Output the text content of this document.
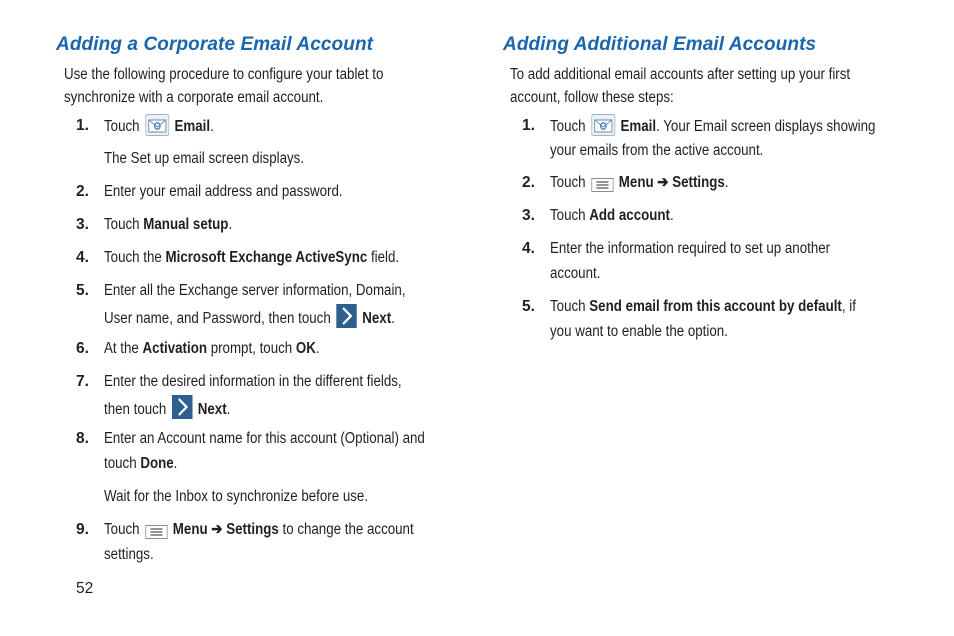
Adding a Corporate Email Account
Use the following procedure to configure your tablet to
synchronize with a corporate email account.
1. Touch Email.
The Set up email screen displays.
2. Enter your email address and password.
3. Touch Manual setup.
4. Touch the Microsoft Exchange ActiveSync field.
5. Enter all the Exchange server information, Domain,
User name, and Password, then touch Next.
6. At the Activation prompt, touch OK.
7. Enter the desired information in the different fields,
then touch Next.
8. Enter an Account name for this account (Optional) and
touch Done.
Wait for the Inbox to synchronize before use.
9. Touch Menu ➔ Settings to change the account
settings.
Adding Additional Email Accounts
To add additional email accounts after setting up your first
account, follow these steps:
1. Touch Email. Your Email screen displays showing
your emails from the active account.
2. Touch Menu ➔ Settings.
3. Touch Add account.
4. Enter the information required to set up another
account.
5. Touch Send email from this account by default, if
you want to enable the option.
52
